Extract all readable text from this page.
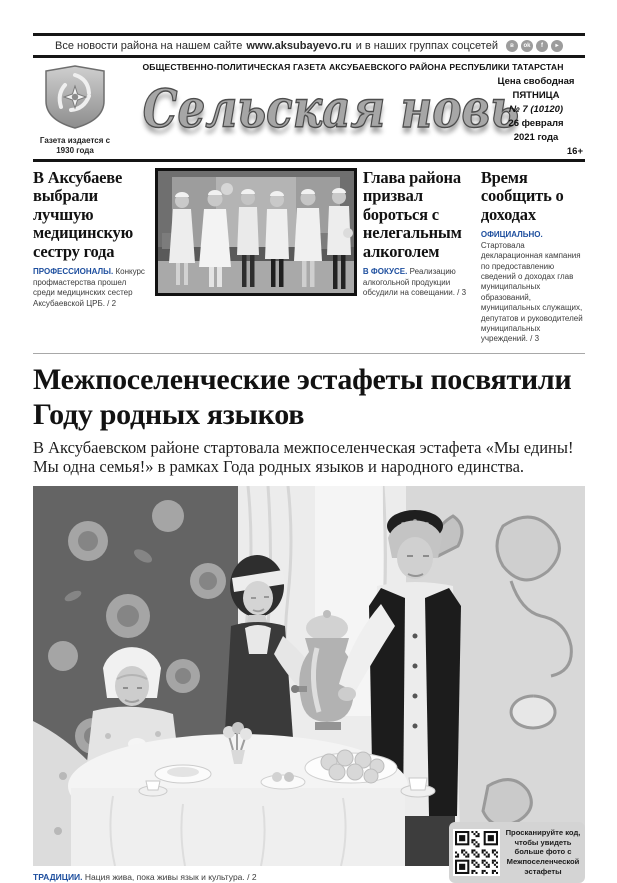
Все новости района на нашем сайте www.aksubayevo.ru и в наших группах соцсетей	в	ok	f	▸
Газета издается с 1930 года
ОБЩЕСТВЕННО-ПОЛИТИЧЕСКАЯ ГАЗЕТА АКСУБАЕВСКОГО РАЙОНА РЕСПУБЛИКИ ТАТАРСТАН
Сельская новь
Цена свободная
ПЯТНИЦА
№ 7 (10120)
26 февраля
2021 года
16+
В Аксубаеве выбрали лучшую медицинскую сестру года

ПРОФЕССИОНАЛЫ. Конкурс профмастерства прошел среди медицинских сестер Аксубаевской ЦРБ. / 2

Глава района призвал бороться с нелегальным алкоголем

В ФОКУСЕ. Реализацию алкогольной продукции обсудили на совещании. / 3

Время сообщить о доходах

ОФИЦИАЛЬНО. Стартовала декларационная кампания по предоставлению сведений о доходах глав муниципальных образований, муниципальных служащих, депутатов и руководителей муниципальных учреждений. / 3

Межпоселенческие эстафеты посвятили Году родных языков

В Аксубаевском районе стартовала межпоселенческая эстафета «Мы едины! Мы одна семья!» в рамках Года родных языков и народного единства.

Просканируйте код, чтобы увидеть больше фото с Межпоселенческой эстафеты

ТРАДИЦИИ. Нация жива, пока живы язык и культура. / 2
